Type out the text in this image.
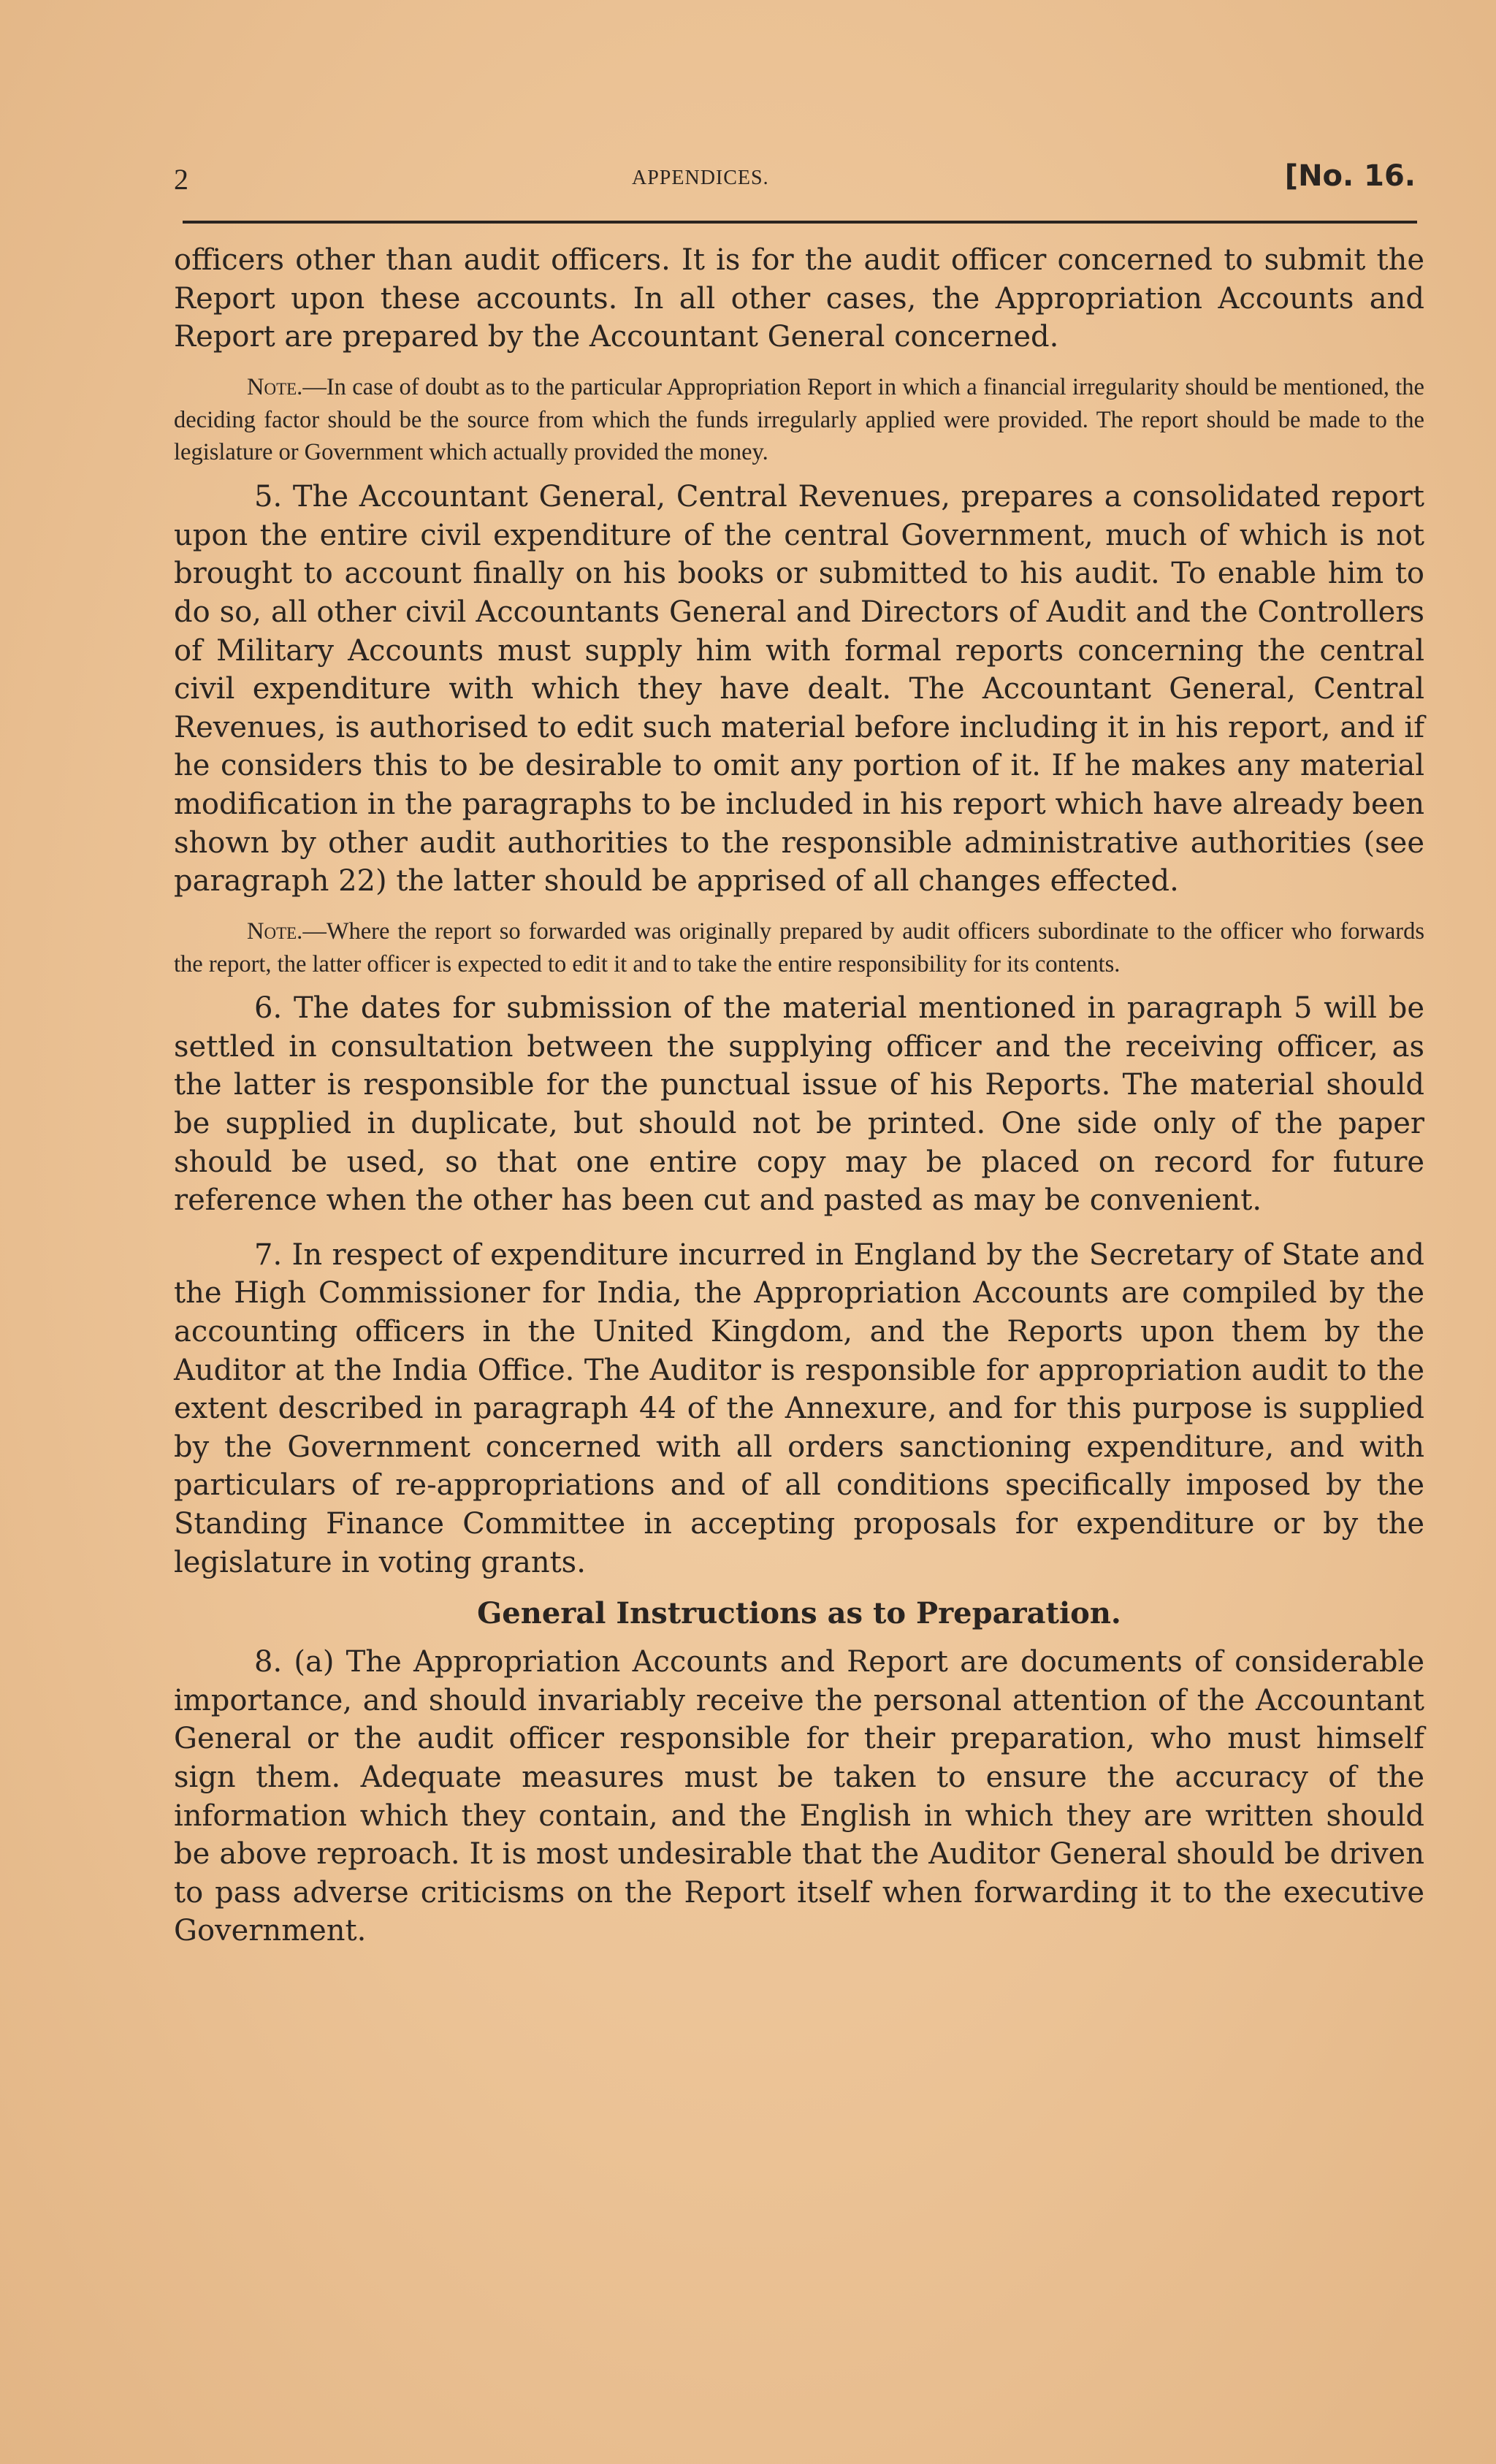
2	APPENDICES.	[No. 16.

officers other than audit officers. It is for the audit officer concerned to submit the Report upon these accounts. In all other cases, the Appropriation Accounts and Report are prepared by the Accountant General concerned.

Note.—In case of doubt as to the particular Appropriation Report in which a financial irregularity should be mentioned, the deciding factor should be the source from which the funds irregularly applied were provided. The report should be made to the legislature or Government which actually provided the money.

5. The Accountant General, Central Revenues, prepares a consolidated report upon the entire civil expenditure of the central Government, much of which is not brought to account finally on his books or submitted to his audit. To enable him to do so, all other civil Accountants General and Directors of Audit and the Controllers of Military Accounts must supply him with formal reports concerning the central civil expenditure with which they have dealt. The Accountant General, Central Revenues, is authorised to edit such material before including it in his report, and if he considers this to be desirable to omit any portion of it. If he makes any material modification in the paragraphs to be included in his report which have already been shown by other audit authorities to the responsible administrative authorities (see paragraph 22) the latter should be apprised of all changes effected.

Note.—Where the report so forwarded was originally prepared by audit officers subordinate to the officer who forwards the report, the latter officer is expected to edit it and to take the entire responsibility for its contents.

6. The dates for submission of the material mentioned in paragraph 5 will be settled in consultation between the supplying officer and the receiving officer, as the latter is responsible for the punctual issue of his Reports. The material should be supplied in duplicate, but should not be printed. One side only of the paper should be used, so that one entire copy may be placed on record for future reference when the other has been cut and pasted as may be convenient.

7. In respect of expenditure incurred in England by the Secretary of State and the High Commissioner for India, the Appropriation Accounts are compiled by the accounting officers in the United Kingdom, and the Reports upon them by the Auditor at the India Office. The Auditor is responsible for appropriation audit to the extent described in paragraph 44 of the Annexure, and for this purpose is supplied by the Government concerned with all orders sanctioning expenditure, and with particulars of re-appropriations and of all conditions specifically imposed by the Standing Finance Committee in accepting proposals for expenditure or by the legislature in voting grants.

General Instructions as to Preparation.

8. (a) The Appropriation Accounts and Report are documents of considerable importance, and should invariably receive the personal attention of the Accountant General or the audit officer responsible for their preparation, who must himself sign them. Adequate measures must be taken to ensure the accuracy of the information which they contain, and the English in which they are written should be above reproach. It is most undesirable that the Auditor General should be driven to pass adverse criticisms on the Report itself when forwarding it to the executive Government.
